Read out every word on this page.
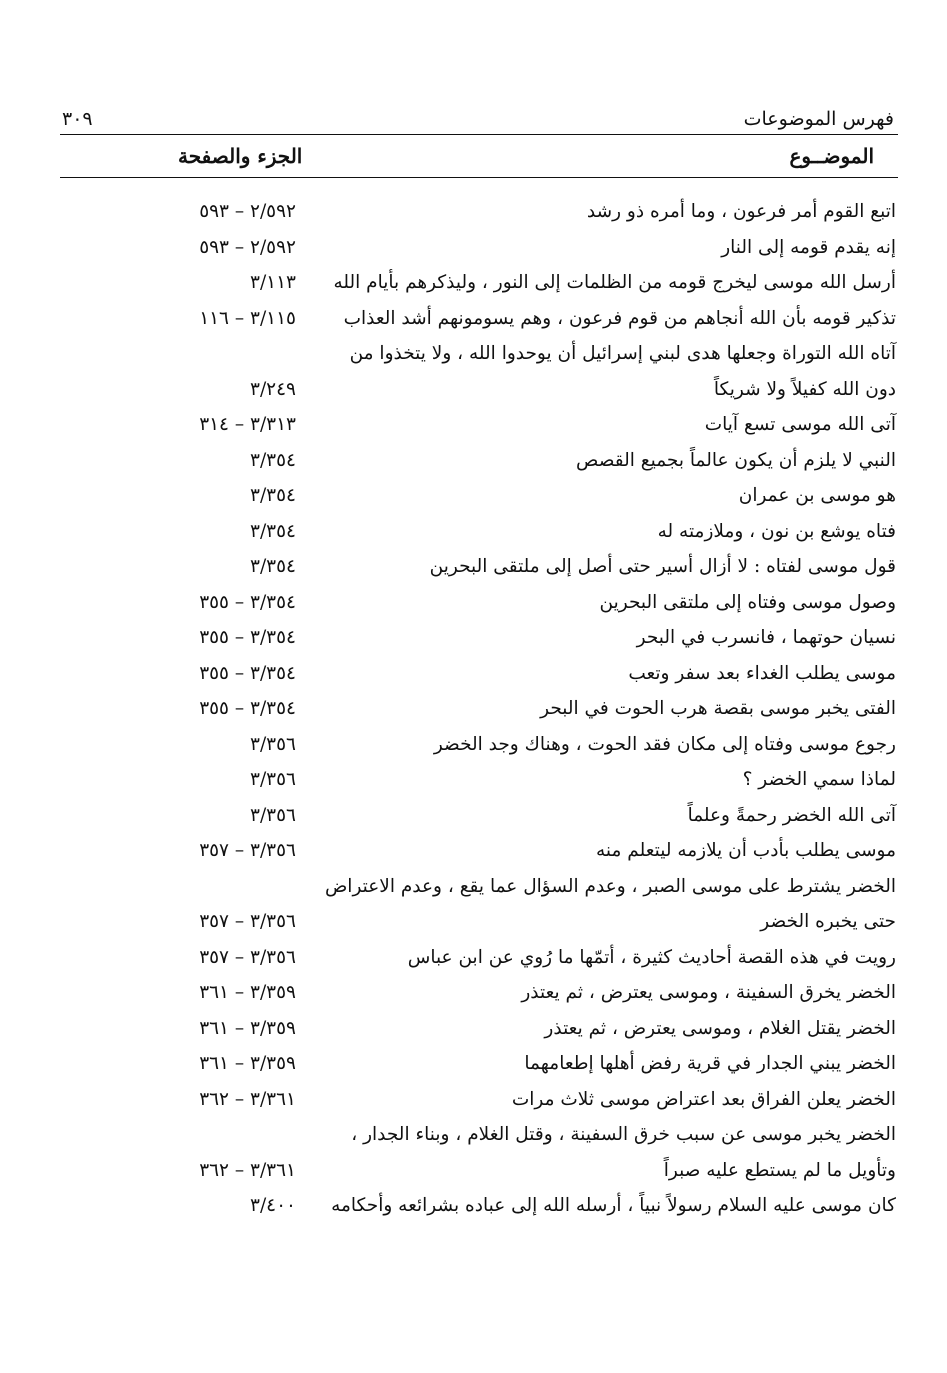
فهرس الموضوعات
٣٠٩
الموضــوع
الجزء والصفحة
اتبع القوم أمر فرعون ، وما أمره ذو رشد
٢/٥٩٢ – ٥٩٣
إنه يقدم قومه إلى النار
٢/٥٩٢ – ٥٩٣
أرسل الله موسى ليخرج قومه من الظلمات إلى النور ، وليذكرهم بأيام الله
٣/١١٣
تذكير قومه بأن الله أنجاهم من قوم فرعون ، وهم يسومونهم أشد العذاب
٣/١١٥ – ١١٦
آتاه الله التوراة وجعلها هدى لبني إسرائيل أن يوحدوا الله ، ولا يتخذوا من
دون الله كفيلاً ولا شريكاً
٣/٢٤٩
آتى الله موسى تسع آيات
٣/٣١٣ – ٣١٤
النبي لا يلزم أن يكون عالماً بجميع القصص
٣/٣٥٤
هو موسى بن عمران
٣/٣٥٤
فتاه يوشع بن نون ، وملازمته له
٣/٣٥٤
قول موسى لفتاه : لا أزال أسير حتى أصل إلى ملتقى البحرين
٣/٣٥٤
وصول موسى وفتاه إلى ملتقى البحرين
٣/٣٥٤ – ٣٥٥
نسيان حوتهما ، فانسرب في البحر
٣/٣٥٤ – ٣٥٥
موسى يطلب الغداء بعد سفر وتعب
٣/٣٥٤ – ٣٥٥
الفتى يخبر موسى بقصة هرب الحوت في البحر
٣/٣٥٤ – ٣٥٥
رجوع موسى وفتاه إلى مكان فقد الحوت ، وهناك وجد الخضر
٣/٣٥٦
لماذا سمي الخضر ؟
٣/٣٥٦
آتى الله الخضر رحمةً وعلماً
٣/٣٥٦
موسى يطلب بأدب أن يلازمه ليتعلم منه
٣/٣٥٦ – ٣٥٧
الخضر يشترط على موسى الصبر ، وعدم السؤال عما يقع ، وعدم الاعتراض
حتى يخبره الخضر
٣/٣٥٦ – ٣٥٧
رويت في هذه القصة أحاديث كثيرة ، أتمّها ما رُوي عن ابن عباس
٣/٣٥٦ – ٣٥٧
الخضر يخرق السفينة ، وموسى يعترض ، ثم يعتذر
٣/٣٥٩ – ٣٦١
الخضر يقتل الغلام ، وموسى يعترض ، ثم يعتذر
٣/٣٥٩ – ٣٦١
الخضر يبني الجدار في قرية رفض أهلها إطعامهما
٣/٣٥٩ – ٣٦١
الخضر يعلن الفراق بعد اعتراض موسى ثلاث مرات
٣/٣٦١ – ٣٦٢
الخضر يخبر موسى عن سبب خرق السفينة ، وقتل الغلام ، وبناء الجدار ،
وتأويل ما لم يستطع عليه صبراً
٣/٣٦١ – ٣٦٢
كان موسى عليه السلام رسولاً نبياً ، أرسله الله إلى عباده بشرائعه وأحكامه
٣/٤٠٠
